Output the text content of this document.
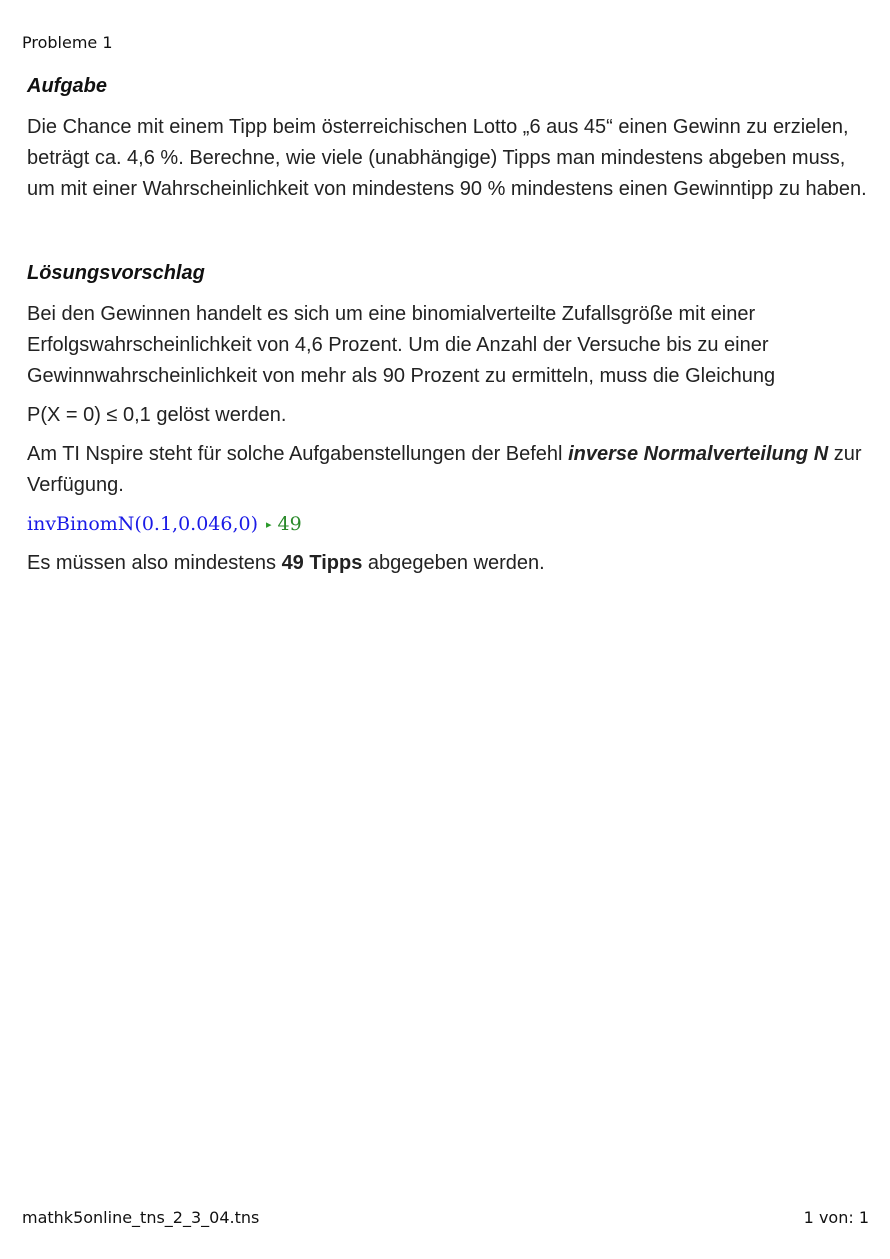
Probleme 1
Aufgabe

Die Chance mit einem Tipp beim österreichischen Lotto „6 aus 45“ einen Gewinn zu erzielen, beträgt ca. 4,6 %. Berechne, wie viele (unabhängige) Tipps man mindestens abgeben muss, um mit einer Wahrscheinlichkeit von mindestens 90 % mindestens einen Gewinntipp zu haben.

Lösungsvorschlag

Bei den Gewinnen handelt es sich um eine binomialverteilte Zufallsgröße mit einer Erfolgswahrscheinlichkeit von 4,6 Prozent. Um die Anzahl der Versuche bis zu einer Gewinnwahrscheinlichkeit von mehr als 90 Prozent zu ermitteln, muss die Gleichung

P(X = 0) ≤ 0,1 gelöst werden.

Am TI Nspire steht für solche Aufgabenstellungen der Befehl inverse Normalverteilung N zur Verfügung.

invBinomN(0.1,0.046,0) ▸ 49

Es müssen also mindestens 49 Tipps abgegeben werden.

mathk5online_tns_2_3_04.tns	1 von: 1
